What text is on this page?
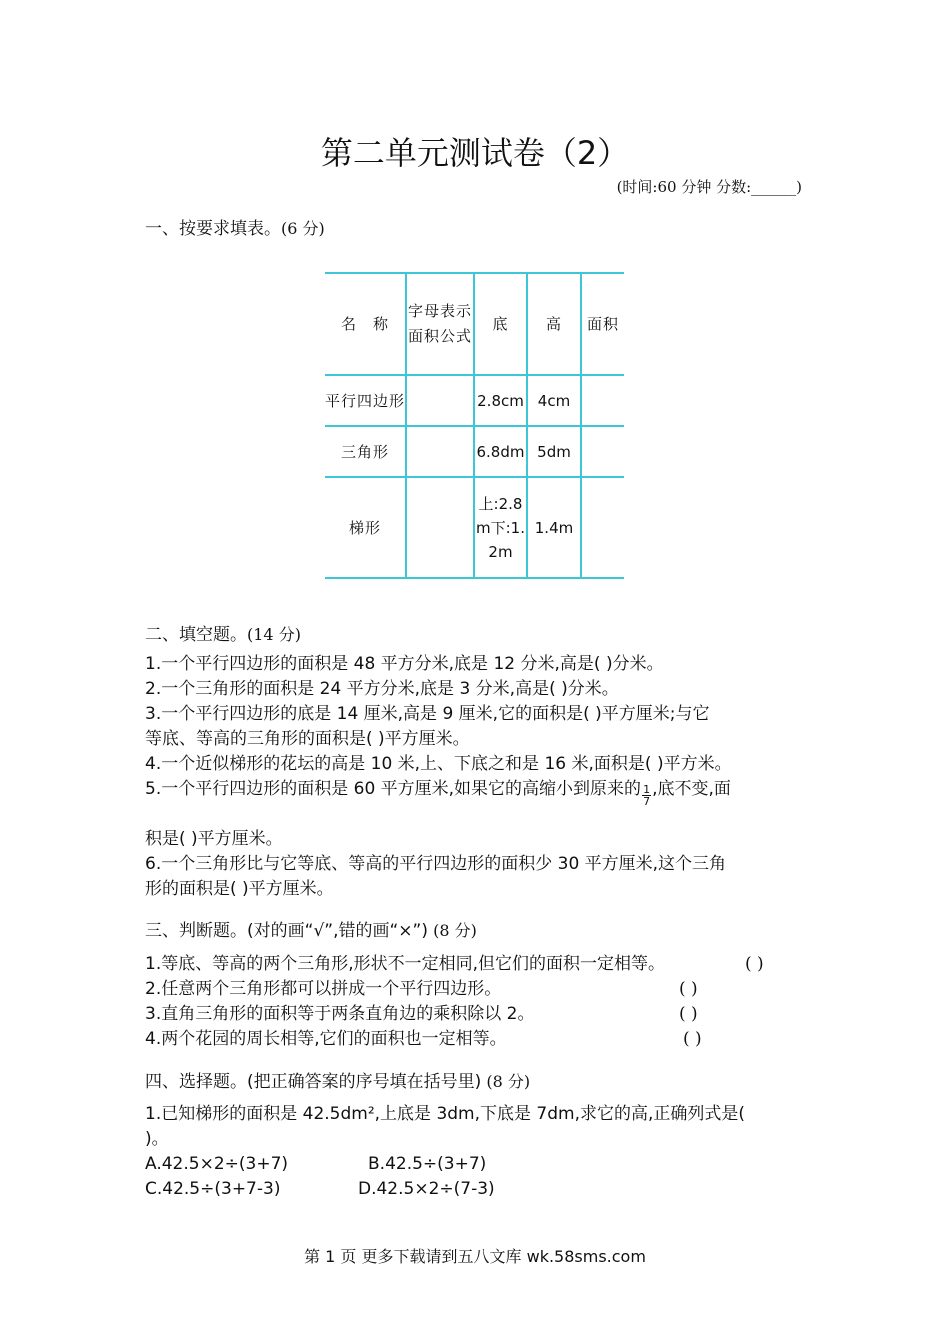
第二单元测试卷（2）
(时间:60 分钟 分数:______)
一、按要求填表。(6 分)
名　称	字母表示面积公式	底	高	面积
平行四边形		2.8cm	4cm	
三角形		6.8dm	5dm	
梯形		上:2.8m下:1.2m	1.4m	
二、填空题。(14 分)
1.一个平行四边形的面积是 48 平方分米,底是 12 分米,高是( )分米。
2.一个三角形的面积是 24 平方分米,底是 3 分米,高是( )分米。
3.一个平行四边形的底是 14 厘米,高是 9 厘米,它的面积是( )平方厘米;与它
等底、等高的三角形的面积是( )平方厘米。
4.一个近似梯形的花坛的高是 10 米,上、下底之和是 16 米,面积是( )平方米。
5.一个平行四边形的面积是 60 平方厘米,如果它的高缩小到原来的 $\frac{1}{7}$ ,底不变,面
积是( )平方厘米。
6.一个三角形比与它等底、等高的平行四边形的面积少 30 平方厘米,这个三角
形的面积是( )平方厘米。
三、判断题。(对的画“√”,错的画“×”) (8 分)
1.等底、等高的两个三角形,形状不一定相同,但它们的面积一定相等。	( )
2.任意两个三角形都可以拼成一个平行四边形。	( )
3.直角三角形的面积等于两条直角边的乘积除以 2。	( )
4.两个花园的周长相等,它们的面积也一定相等。	( )
四、选择题。(把正确答案的序号填在括号里) (8 分)
1.已知梯形的面积是 42.5dm²,上底是 3dm,下底是 7dm,求它的高,正确列式是(
)。
A.42.5×2÷(3+7)	B.42.5÷(3+7)
C.42.5÷(3+7-3)	D.42.5×2÷(7-3)
第 1 页 更多下载请到五八文库 wk.58sms.com
